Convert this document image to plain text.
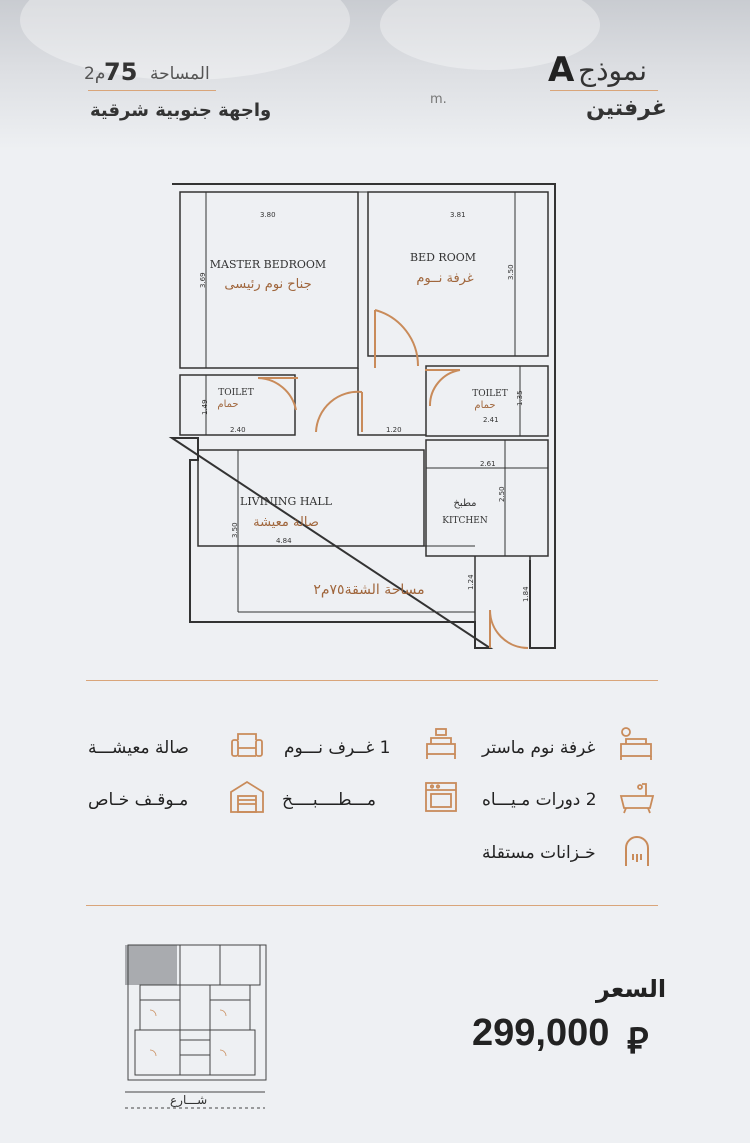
نموذج
A
غرفتين
المساحة
75
م2
واجهة جنوبية شرقية
m.
3.80	3.81
3.69
3.50
2.40
1.49
2.41
1.35
1.20
2.61
2.50
4.84
3.50
1.24
1.84
MASTER BEDROOM
BED ROOM
TOILET	TOILET
LIVINING HALL
KITCHEN
جناح نوم رئيسى	غرفة نــوم
حمام	حمام
صالة معيشة
مطبخ
مساحة الشقة٧٥م٢
غرفة نوم ماستر
1 غــرف نـــوم
صالة معيشـــة
2 دورات مـيـــاه
مـــطــــبــــخ
مـوقـف خـاص
خـزانات مستقلة
شـــارع
السعر
299,000 ⃁
